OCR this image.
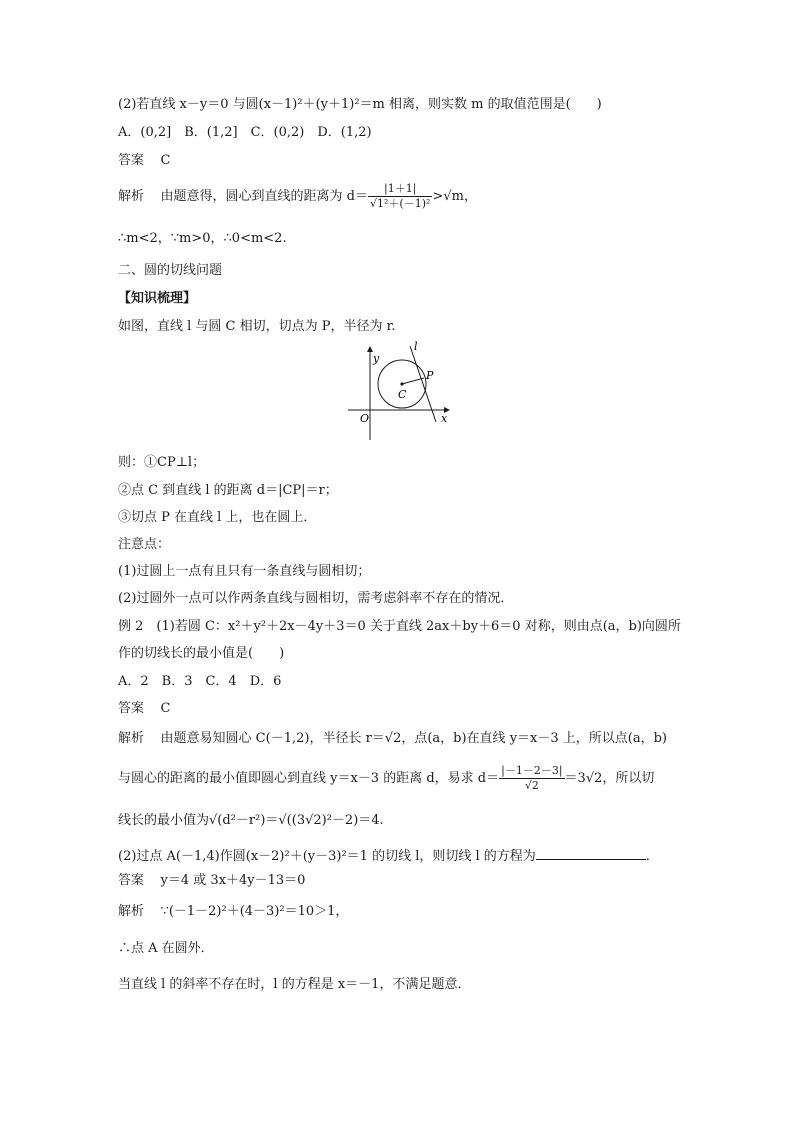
(2)若直线 x－y＝0 与圆(x－1)²＋(y＋1)²＝m 相离，则实数 m 的取值范围是(　　)
A．(0,2]　B．(1,2]　C．(0,2)　D．(1,2)
答案 C
解析 由题意得，圆心到直线的距离为 $d= \frac{|1+1|}{\text{√1²＋(－1)²}} >√m$，
∴m<2，∵m>0，∴0<m<2.
二、圆的切线问题
【知识梳理】
如图，直线 l 与圆 C 相切，切点为 P，半径为 r.
y
x
O
l
P
C
则：①CP⊥l；
②点 C 到直线 l 的距离 d＝|CP|＝r；
③切点 P 在直线 l 上，也在圆上．
注意点：
(1)过圆上一点有且只有一条直线与圆相切；
(2)过圆外一点可以作两条直线与圆相切，需考虑斜率不存在的情况．
例 2　(1)若圆 C：x²＋y²＋2x－4y＋3＝0 关于直线 2ax＋by＋6＝0 对称，则由点(a，b)向圆所
作的切线长的最小值是(　　)
A．2　B．3　C．4　D．6
答案 C
解析 由题意易知圆心 C(－1,2)，半径长 r＝√2，点(a，b)在直线 y＝x－3 上，所以点(a，b)
与圆心的距离的最小值即圆心到直线 y＝x－3 的距离 d，易求 $d= \frac{|-1-2-3|}{√2} =3√2$，所以切
线长的最小值为√(d²－r²)＝√((3√2)²－2)＝4.
(2)过点 A(－1,4)作圆(x－2)²＋(y－3)²＝1 的切线 l，则切线 l 的方程为	．
答案 y＝4 或 3x＋4y－13＝0
解析 ∵(－1－2)²＋(4－3)²＝10＞1，
∴点 A 在圆外．
当直线 l 的斜率不存在时，l 的方程是 x＝－1，不满足题意．
